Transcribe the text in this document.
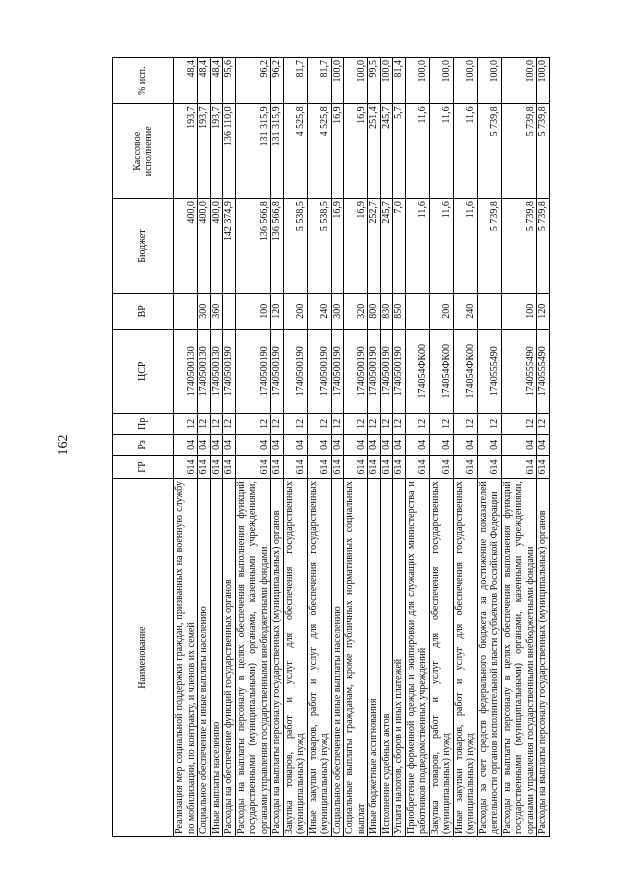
162
Наименование	ГР	Рз	Пр	ЦСР	ВР	Бюджет	Кассовое исполнение	% исп.
Реализация мер социальной поддержки граждан, призванных на военную службу по мобилизации, по контракту, и членов их семей	614	04	12	1740500130		400,0	193,7	48,4
Социальное обеспечение и иные выплаты населению	614	04	12	1740500130	300	400,0	193,7	48,4
Иные выплаты населению	614	04	12	1740500130	360	400,0	193,7	48,4
Расходы на обеспечение функций государственных органов	614	04	12	1740500190		142 374,9	136 110,0	95,6
Расходы на выплаты персоналу в целях обеспечения выполнения функций государственными (муниципальными) органами, казенными учреждениями, органами управления государственными внебюджетными фондами	614	04	12	1740500190	100	136 566,8	131 315,9	96,2
Расходы на выплаты персоналу государственных (муниципальных) органов	614	04	12	1740500190	120	136 566,8	131 315,9	96,2
Закупка товаров, работ и услуг для обеспечения государственных (муниципальных) нужд	614	04	12	1740500190	200	5 538,5	4 525,8	81,7
Иные закупки товаров, работ и услуг для обеспечения государственных (муниципальных) нужд	614	04	12	1740500190	240	5 538,5	4 525,8	81,7
Социальное обеспечение и иные выплаты населению	614	04	12	1740500190	300	16,9	16,9	100,0
Социальные выплаты гражданам, кроме публичных нормативных социальных выплат	614	04	12	1740500190	320	16,9	16,9	100,0
Иные бюджетные ассигнования	614	04	12	1740500190	800	252,7	251,4	99,5
Исполнение судебных актов	614	04	12	1740500190	830	245,7	245,7	100,0
Уплата налогов, сборов и иных платежей	614	04	12	1740500190	850	7,0	5,7	81,4
Приобретение форменной одежды и экипировки для служащих министерства и работников подведомственных учреждений	614	04	12	174054ФК00		11,6	11,6	100,0
Закупка товаров, работ и услуг для обеспечения государственных (муниципальных) нужд	614	04	12	174054ФК00	200	11,6	11,6	100,0
Иные закупки товаров, работ и услуг для обеспечения государственных (муниципальных) нужд	614	04	12	174054ФК00	240	11,6	11,6	100,0
Расходы за счет средств федерального бюджета за достижение показателей деятельности органов исполнительной власти субъектов Российской Федерации	614	04	12	1740555490		5 739,8	5 739,8	100,0
Расходы на выплаты персоналу в целях обеспечения выполнения функций государственными (муниципальными) органами, казенными учреждениями, органами управления государственными внебюджетными фондами	614	04	12	1740555490	100	5 739,8	5 739,8	100,0
Расходы на выплаты персоналу государственных (муниципальных) органов	614	04	12	1740555490	120	5 739,8	5 739,8	100,0
